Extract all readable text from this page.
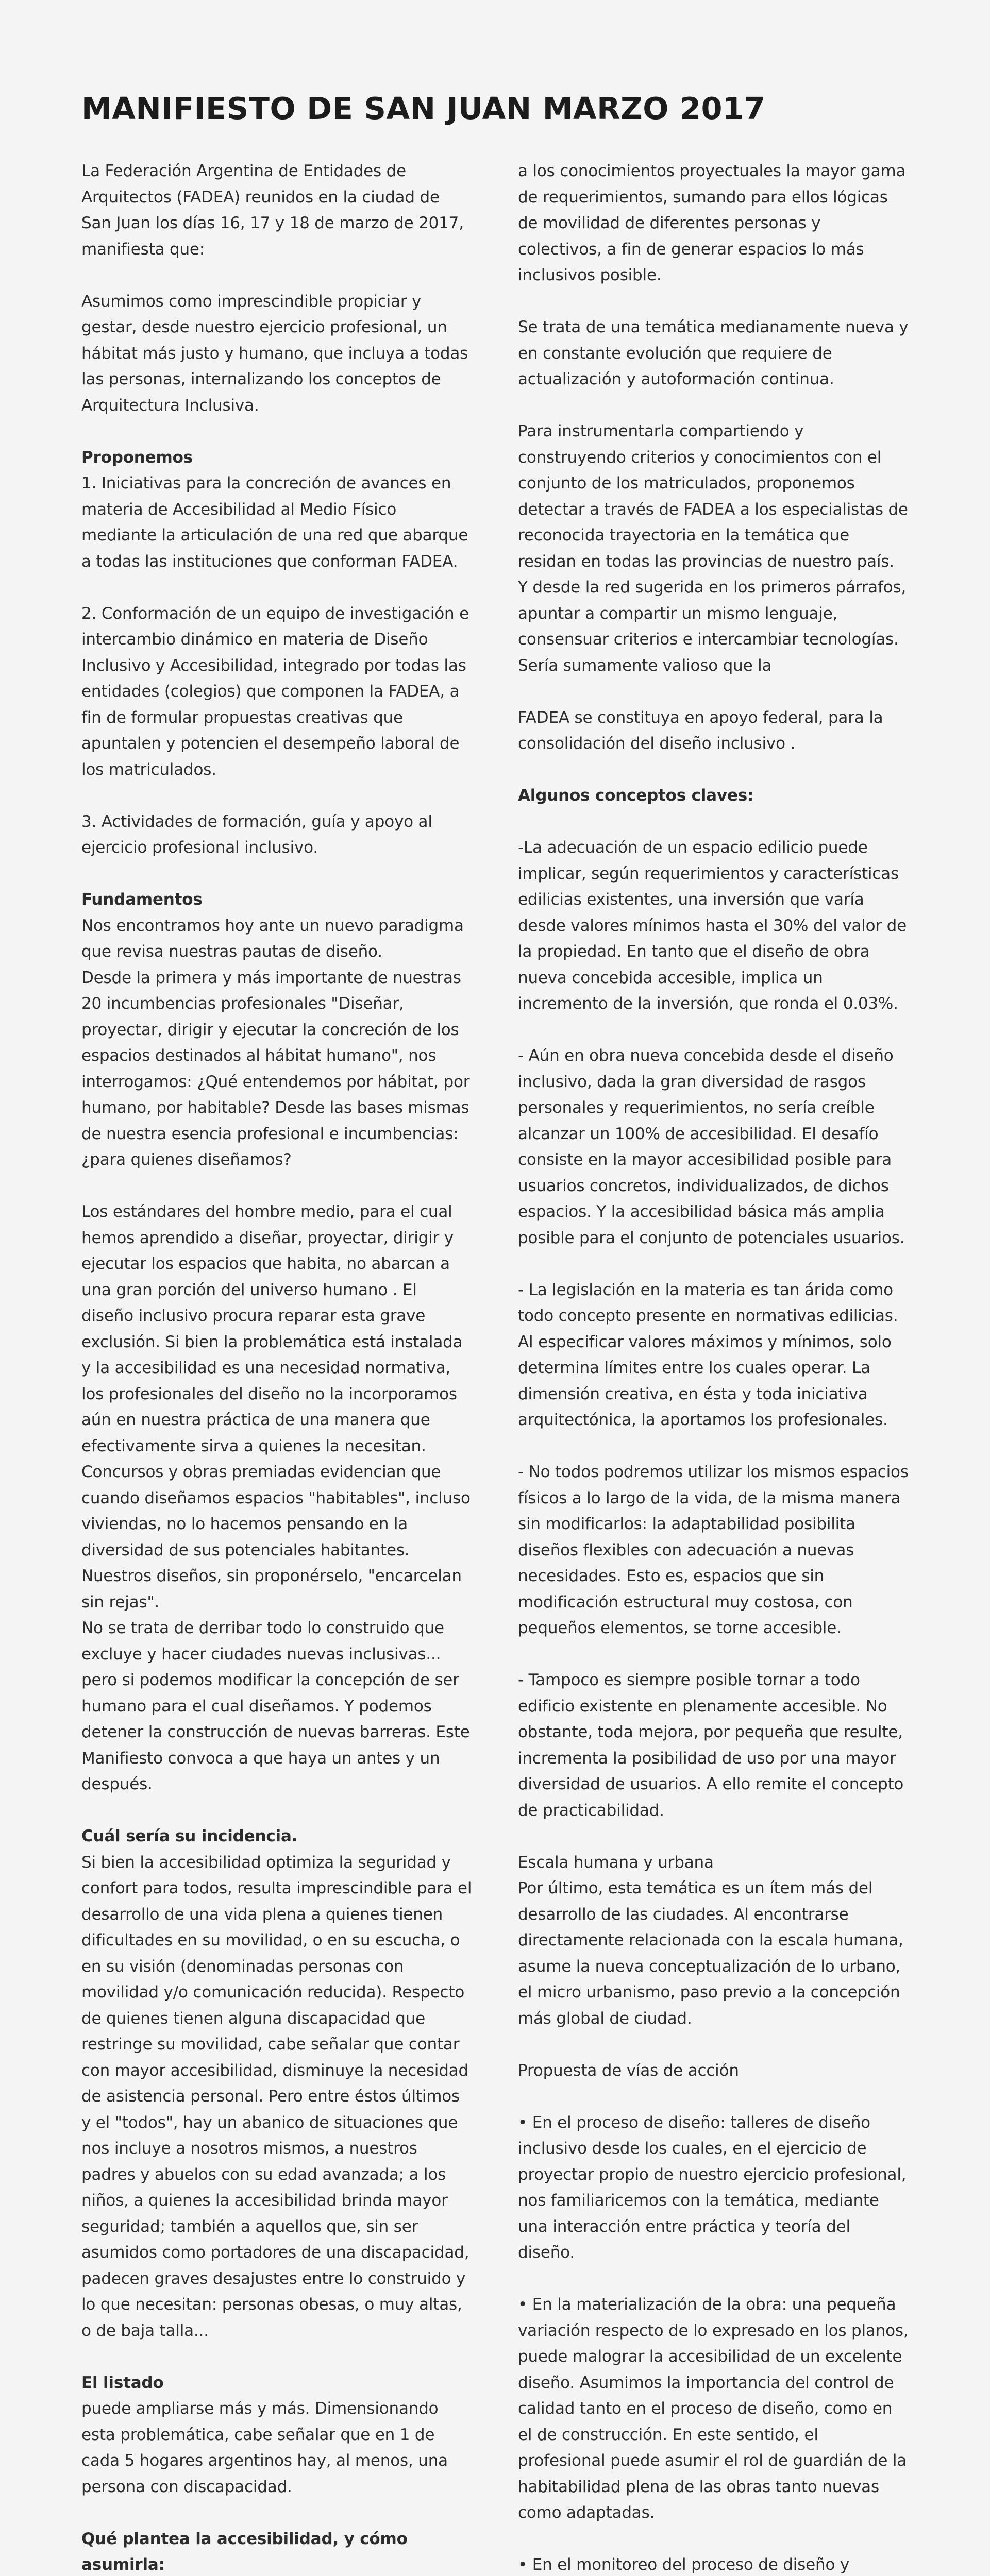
MANIFIESTO DE SAN JUAN MARZO 2017

La Federación Argentina de Entidades de Arquitectos (FADEA) reunidos en la ciudad de San Juan los días 16, 17 y 18 de marzo de 2017, manifiesta que:

Asumimos como imprescindible propiciar y gestar, desde nuestro ejercicio profesional, un hábitat más justo y humano, que incluya a todas las personas, internalizando los conceptos de Arquitectura Inclusiva.

Proponemos
1. Iniciativas para la concreción de avances en materia de Accesibilidad al Medio Físico mediante la articulación de una red que abarque a todas las instituciones que conforman FADEA.

2. Conformación de un equipo de investigación e intercambio dinámico en materia de Diseño Inclusivo y Accesibilidad, integrado por todas las entidades (colegios) que componen la FADEA, a fin de formular propuestas creativas que apuntalen y potencien el desempeño laboral de los matriculados.

3. Actividades de formación, guía y apoyo al ejercicio profesional inclusivo.

Fundamentos
Nos encontramos hoy ante un nuevo paradigma que revisa nuestras pautas de diseño.
Desde la primera y más importante de nuestras 20 incumbencias profesionales "Diseñar, proyectar, dirigir y ejecutar la concreción de los espacios destinados al hábitat humano", nos interrogamos: ¿Qué entendemos por hábitat, por humano, por habitable? Desde las bases mismas de nuestra esencia profesional e incumbencias: ¿para quienes diseñamos?

Los estándares del hombre medio, para el cual hemos aprendido a diseñar, proyectar, dirigir y ejecutar los espacios que habita, no abarcan a una gran porción del universo humano . El diseño inclusivo procura reparar esta grave exclusión. Si bien la problemática está instalada y la accesibilidad es una necesidad normativa, los profesionales del diseño no la incorporamos aún en nuestra práctica de una manera que efectivamente sirva a quienes la necesitan. Concursos y obras premiadas evidencian que cuando diseñamos espacios "habitables", incluso viviendas, no lo hacemos pensando en la diversidad de sus potenciales habitantes. Nuestros diseños, sin proponérselo, "encarcelan sin rejas".
No se trata de derribar todo lo construido que excluye y hacer ciudades nuevas inclusivas... pero si podemos modificar la concepción de ser humano para el cual diseñamos. Y podemos detener la construcción de nuevas barreras. Este Manifiesto convoca a que haya un antes y un después.

Cuál sería su incidencia.
Si bien la accesibilidad optimiza la seguridad y confort para todos, resulta imprescindible para el desarrollo de una vida plena a quienes tienen dificultades en su movilidad, o en su escucha, o en su visión (denominadas personas con movilidad y/o comunicación reducida). Respecto de quienes tienen alguna discapacidad que restringe su movilidad, cabe señalar que contar con mayor accesibilidad, disminuye la necesidad de asistencia personal. Pero entre éstos últimos y el "todos", hay un abanico de situaciones que nos incluye a nosotros mismos, a nuestros padres y abuelos con su edad avanzada; a los niños, a quienes la accesibilidad brinda mayor seguridad; también a aquellos que, sin ser asumidos como portadores de una discapacidad, padecen graves desajustes entre lo construido y lo que necesitan: personas obesas, o muy altas, o de baja talla...

El listado
puede ampliarse más y más. Dimensionando esta problemática, cabe señalar que en 1 de cada 5 hogares argentinos hay, al menos, una persona con discapacidad.

Qué plantea la accesibilidad, y cómo asumirla:

a los conocimientos proyectuales la mayor gama de requerimientos, sumando para ellos lógicas de movilidad de diferentes personas y colectivos, a fin de generar espacios lo más inclusivos posible.

Se trata de una temática medianamente nueva y en constante evolución que requiere de actualización y autoformación continua.

Para instrumentarla compartiendo y construyendo criterios y conocimientos con el conjunto de los matriculados, proponemos detectar a través de FADEA a los especialistas de reconocida trayectoria en la temática que residan en todas las provincias de nuestro país. Y desde la red sugerida en los primeros párrafos, apuntar a compartir un mismo lenguaje, consensuar criterios e intercambiar tecnologías. Sería sumamente valioso que la

FADEA se constituya en apoyo federal, para la consolidación del diseño inclusivo .

Algunos conceptos claves:

-La adecuación de un espacio edilicio puede implicar, según requerimientos y características edilicias existentes, una inversión que varía desde valores mínimos hasta el 30% del valor de la propiedad. En tanto que el diseño de obra nueva concebida accesible, implica un incremento de la inversión, que ronda el 0.03%.

- Aún en obra nueva concebida desde el diseño inclusivo, dada la gran diversidad de rasgos personales y requerimientos, no sería creíble alcanzar un 100% de accesibilidad. El desafío consiste en la mayor accesibilidad posible para usuarios concretos, individualizados, de dichos espacios. Y la accesibilidad básica más amplia posible para el conjunto de potenciales usuarios.

- La legislación en la materia es tan árida como todo concepto presente en normativas edilicias. Al especificar valores máximos y mínimos, solo determina límites entre los cuales operar. La dimensión creativa, en ésta y toda iniciativa arquitectónica, la aportamos los profesionales.

- No todos podremos utilizar los mismos espacios físicos a lo largo de la vida, de la misma manera sin modificarlos: la adaptabilidad posibilita diseños flexibles con adecuación a nuevas necesidades. Esto es, espacios que sin modificación estructural muy costosa, con pequeños elementos, se torne accesible.

- Tampoco es siempre posible tornar a todo edificio existente en plenamente accesible. No obstante, toda mejora, por pequeña que resulte, incrementa la posibilidad de uso por una mayor diversidad de usuarios. A ello remite el concepto de practicabilidad.

Escala humana y urbana
Por último, esta temática es un ítem más del desarrollo de las ciudades. Al encontrarse directamente relacionada con la escala humana, asume la nueva conceptualización de lo urbano, el micro urbanismo, paso previo a la concepción más global de ciudad.

Propuesta de vías de acción

• En el proceso de diseño: talleres de diseño inclusivo desde los cuales, en el ejercicio de proyectar propio de nuestro ejercicio profesional, nos familiaricemos con la temática, mediante una interacción entre práctica y teoría del diseño.

• En la materialización de la obra: una pequeña variación respecto de lo expresado en los planos, puede malograr la accesibilidad de un excelente diseño. Asumimos la importancia del control de calidad tanto en el proceso de diseño, como en el de construcción. En este sentido, el profesional puede asumir el rol de guardián de la habitabilidad plena de las obras tanto nuevas como adaptadas.

• En el monitoreo del proceso de diseño y
